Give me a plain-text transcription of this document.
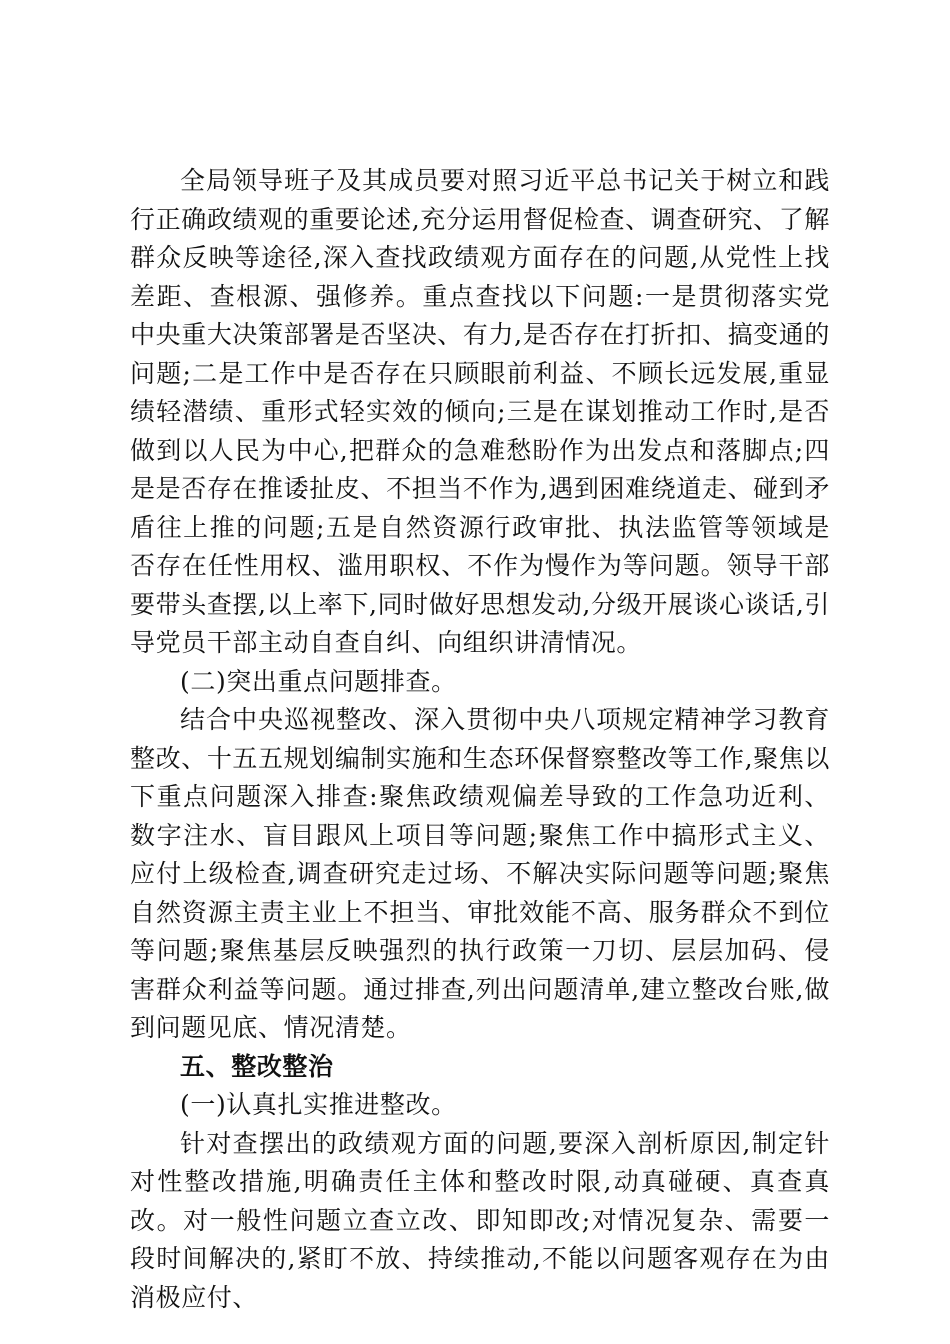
全局领导班子及其成员要对照习近平总书记关于树立和践行正确政绩观的重要论述,充分运用督促检查、调查研究、了解群众反映等途径,深入查找政绩观方面存在的问题,从党性上找差距、查根源、强修养。重点查找以下问题:一是贯彻落实党中央重大决策部署是否坚决、有力,是否存在打折扣、搞变通的问题;二是工作中是否存在只顾眼前利益、不顾长远发展,重显绩轻潜绩、重形式轻实效的倾向;三是在谋划推动工作时,是否做到以人民为中心,把群众的急难愁盼作为出发点和落脚点;四是是否存在推诿扯皮、不担当不作为,遇到困难绕道走、碰到矛盾往上推的问题;五是自然资源行政审批、执法监管等领域是否存在任性用权、滥用职权、不作为慢作为等问题。领导干部要带头查摆,以上率下,同时做好思想发动,分级开展谈心谈话,引导党员干部主动自查自纠、向组织讲清情况。

(二)突出重点问题排查。

结合中央巡视整改、深入贯彻中央八项规定精神学习教育整改、十五五规划编制实施和生态环保督察整改等工作,聚焦以下重点问题深入排查:聚焦政绩观偏差导致的工作急功近利、数字注水、盲目跟风上项目等问题;聚焦工作中搞形式主义、应付上级检查,调查研究走过场、不解决实际问题等问题;聚焦自然资源主责主业上不担当、审批效能不高、服务群众不到位等问题;聚焦基层反映强烈的执行政策一刀切、层层加码、侵害群众利益等问题。通过排查,列出问题清单,建立整改台账,做到问题见底、情况清楚。

五、整改整治

(一)认真扎实推进整改。

针对查摆出的政绩观方面的问题,要深入剖析原因,制定针对性整改措施,明确责任主体和整改时限,动真碰硬、真查真改。对一般性问题立查立改、即知即改;对情况复杂、需要一段时间解决的,紧盯不放、持续推动,不能以问题客观存在为由消极应付、
